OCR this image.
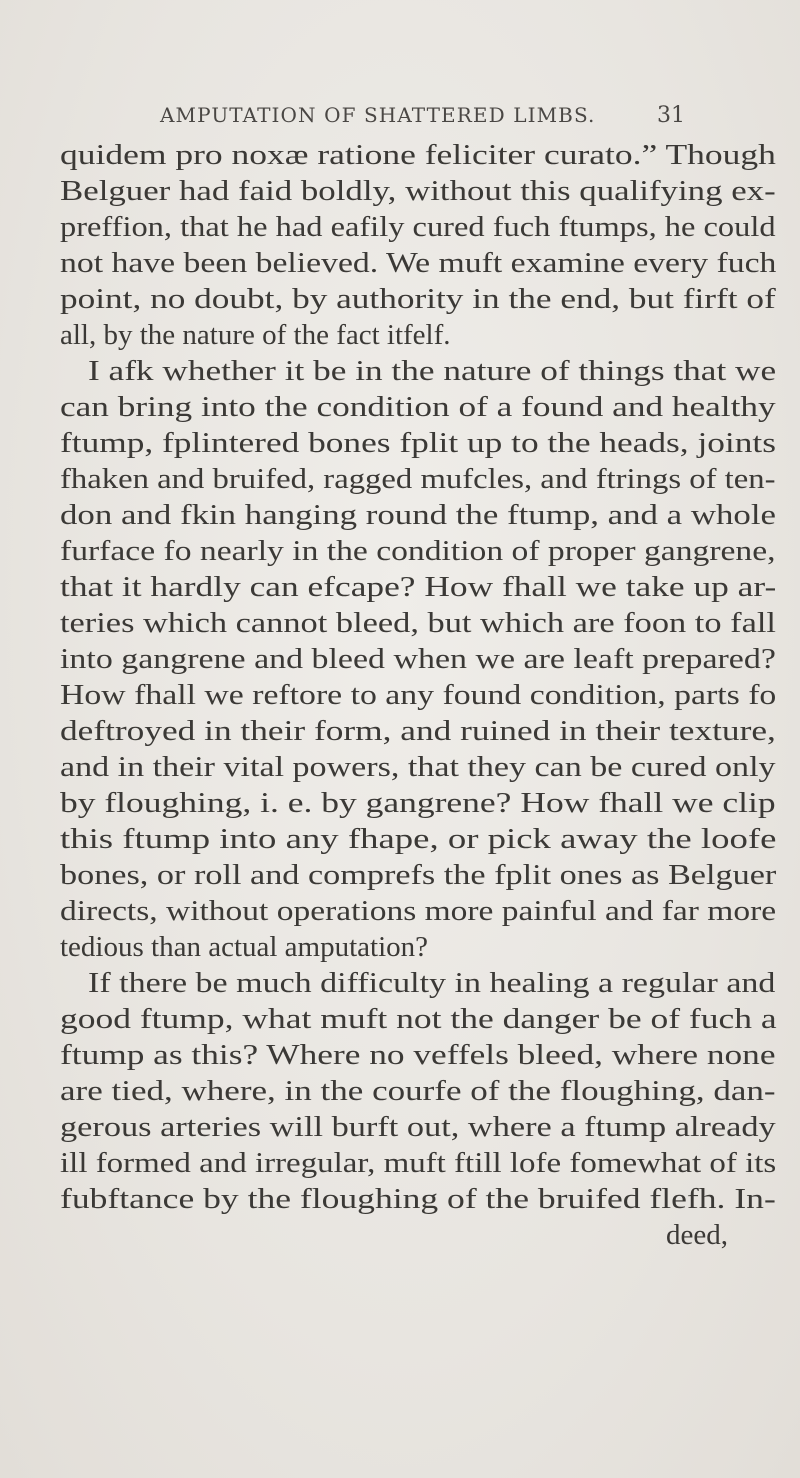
AMPUTATION OF SHATTERED LIMBS.	31
quidem pro noxæ ratione feliciter curato.” Though
Belguer had faid boldly, without this qualifying ex-
preffion, that he had eafily cured fuch ftumps, he could
not have been believed. We muft examine every fuch
point, no doubt, by authority in the end, but firft of
all, by the nature of the fact itfelf.
I afk whether it be in the nature of things that we
can bring into the condition of a found and healthy
ftump, fplintered bones fplit up to the heads, joints
fhaken and bruifed, ragged mufcles, and ftrings of ten-
don and fkin hanging round the ftump, and a whole
furface fo nearly in the condition of proper gangrene,
that it hardly can efcape? How fhall we take up ar-
teries which cannot bleed, but which are foon to fall
into gangrene and bleed when we are leaft prepared?
How fhall we reftore to any found condition, parts fo
deftroyed in their form, and ruined in their texture,
and in their vital powers, that they can be cured only
by floughing, i. e. by gangrene? How fhall we clip
this ftump into any fhape, or pick away the loofe
bones, or roll and comprefs the fplit ones as Belguer
directs, without operations more painful and far more
tedious than actual amputation?
If there be much difficulty in healing a regular and
good ftump, what muft not the danger be of fuch a
ftump as this? Where no veffels bleed, where none
are tied, where, in the courfe of the floughing, dan-
gerous arteries will burft out, where a ftump already
ill formed and irregular, muft ftill lofe fomewhat of its
fubftance by the floughing of the bruifed flefh. In-
deed,
